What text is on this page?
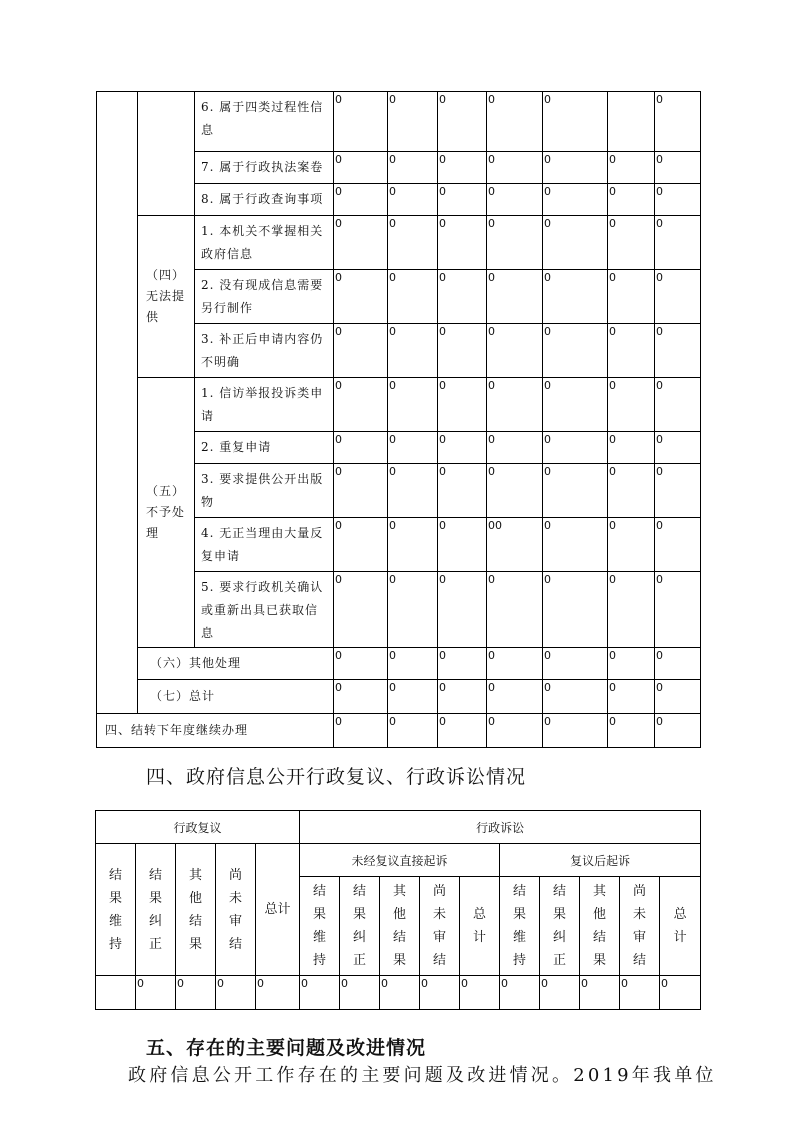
		6. 属于四类过程性信息	0	0	0	0	0		0
		7. 属于行政执法案卷	0	0	0	0	0	0	0
		8. 属于行政查询事项	0	0	0	0	0	0	0
	（四）无法提供	1. 本机关不掌握相关政府信息	0	0	0	0	0	0	0
		2. 没有现成信息需要另行制作	0	0	0	0	0	0	0
		3. 补正后申请内容仍不明确	0	0	0	0	0	0	0
	（五）不予处理	1. 信访举报投诉类申请	0	0	0	0	0	0	0
		2. 重复申请	0	0	0	0	0	0	0
		3. 要求提供公开出版物	0	0	0	0	0	0	0
		4. 无正当理由大量反复申请	0	0	0	00	0	0	0
		5. 要求行政机关确认或重新出具已获取信息	0	0	0	0	0	0	0
	（六）其他处理		0	0	0	0	0	0	0
	（七）总计		0	0	0	0	0	0	0
四、结转下年度继续办理			0	0	0	0	0	0	0
四、政府信息公开行政复议、行政诉讼情况
行政复议					行政诉讼									
结果维持	结果纠正	其他结果	尚未审结	总计	未经复议直接起诉					复议后起诉				
					结果维持	结果纠正	其他结果	尚未审结	总计	结果维持	结果纠正	其他结果	尚未审结	总计
	0	0	0	0	0	0	0	0	0	0	0	0	0	0
五、存在的主要问题及改进情况
政府信息公开工作存在的主要问题及改进情况。2019年我单位
